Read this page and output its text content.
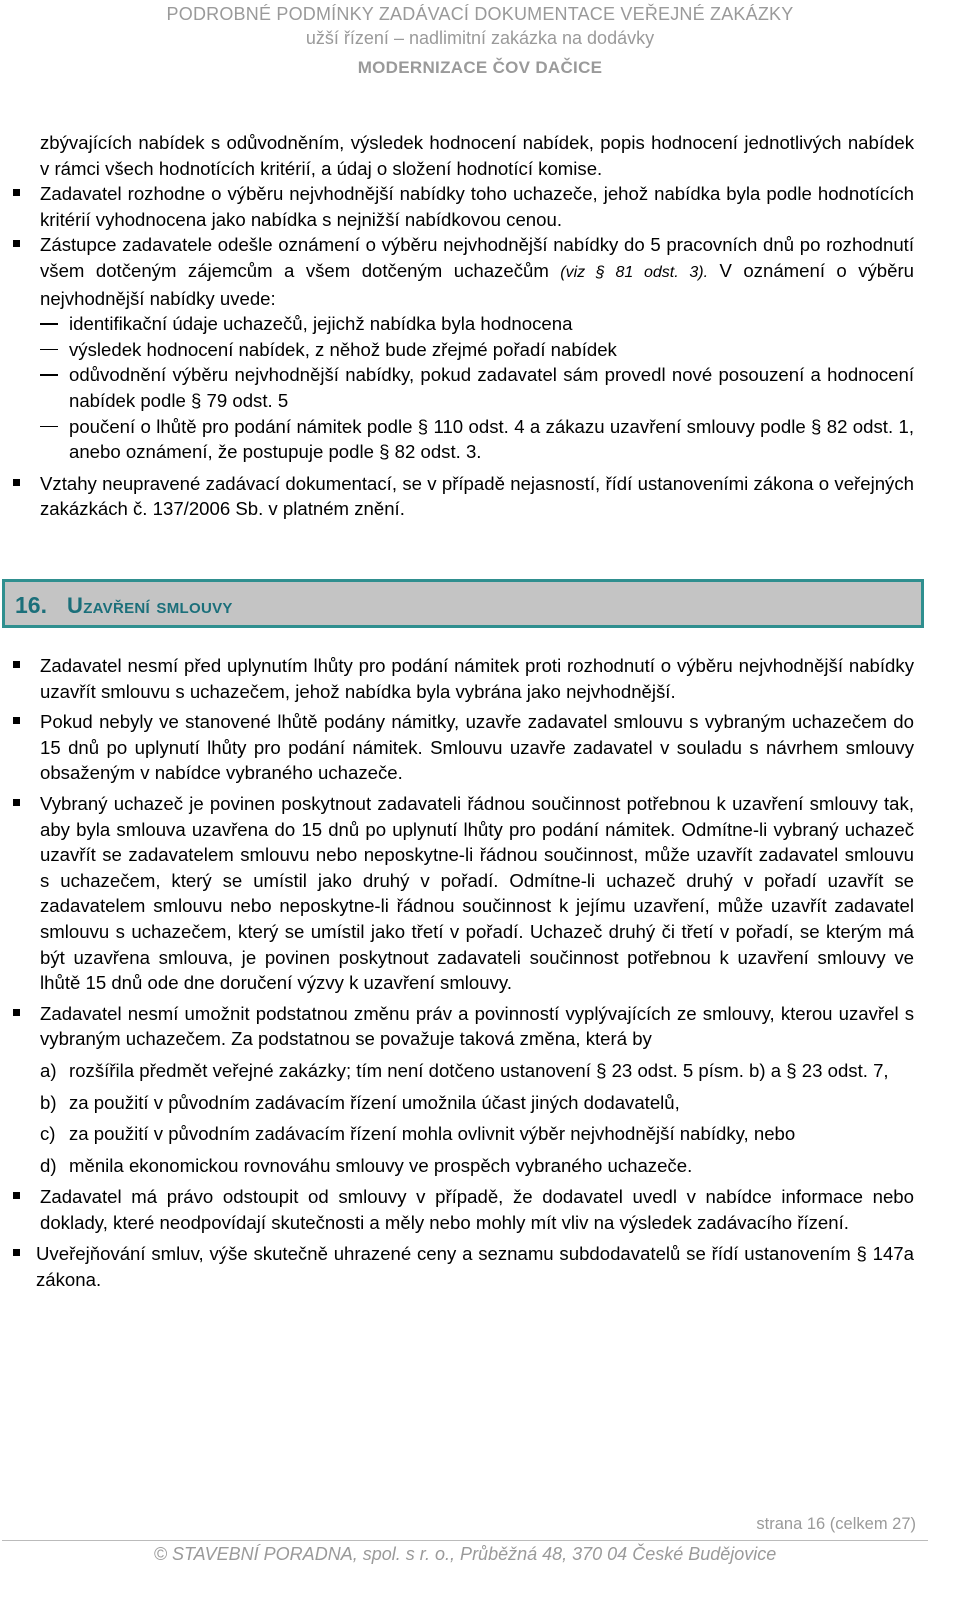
PODROBNÉ PODMÍNKY ZADÁVACÍ DOKUMENTACE VEŘEJNÉ ZAKÁZKY
užší řízení – nadlimitní zakázka na dodávky
MODERNIZACE ČOV DAČICE

zbývajících nabídek s odůvodněním, výsledek hodnocení nabídek, popis hodnocení jednotlivých nabídek v rámci všech hodnotících kritérií, a údaj o složení hodnotící komise.

Zadavatel rozhodne o výběru nejvhodnější nabídky toho uchazeče, jehož nabídka byla podle hodnotících kritérií vyhodnocena jako nabídka s nejnižší nabídkovou cenou.
Zástupce zadavatele odešle oznámení o výběru nejvhodnější nabídky do 5 pracovních dnů po rozhodnutí všem dotčeným zájemcům a všem dotčeným uchazečům (viz § 81 odst. 3). V oznámení o výběru nejvhodnější nabídky uvede:
identifikační údaje uchazečů, jejichž nabídka byla hodnocena
výsledek hodnocení nabídek, z něhož bude zřejmé pořadí nabídek
odůvodnění výběru nejvhodnější nabídky, pokud zadavatel sám provedl nové posouzení a hodnocení nabídek podle § 79 odst. 5
poučení o lhůtě pro podání námitek podle § 110 odst. 4 a zákazu uzavření smlouvy podle § 82 odst. 1, anebo oznámení, že postupuje podle § 82 odst. 3.
Vztahy neupravené zadávací dokumentací, se v případě nejasností, řídí ustanoveními zákona o veřejných zakázkách č. 137/2006 Sb. v platném znění.
16. Uzavření smlouvy
Zadavatel nesmí před uplynutím lhůty pro podání námitek proti rozhodnutí o výběru nejvhodnější nabídky uzavřít smlouvu s uchazečem, jehož nabídka byla vybrána jako nejvhodnější.
Pokud nebyly ve stanovené lhůtě podány námitky, uzavře zadavatel smlouvu s vybraným uchazečem do 15 dnů po uplynutí lhůty pro podání námitek. Smlouvu uzavře zadavatel v souladu s návrhem smlouvy obsaženým v nabídce vybraného uchazeče.
Vybraný uchazeč je povinen poskytnout zadavateli řádnou součinnost potřebnou k uzavření smlouvy tak, aby byla smlouva uzavřena do 15 dnů po uplynutí lhůty pro podání námitek. Odmítne-li vybraný uchazeč uzavřít se zadavatelem smlouvu nebo neposkytne-li řádnou součinnost, může uzavřít zadavatel smlouvu s uchazečem, který se umístil jako druhý v pořadí. Odmítne-li uchazeč druhý v pořadí uzavřít se zadavatelem smlouvu nebo neposkytne-li řádnou součinnost k jejímu uzavření, může uzavřít zadavatel smlouvu s uchazečem, který se umístil jako třetí v pořadí. Uchazeč druhý či třetí v pořadí, se kterým má být uzavřena smlouva, je povinen poskytnout zadavateli součinnost potřebnou k uzavření smlouvy ve lhůtě 15 dnů ode dne doručení výzvy k uzavření smlouvy.
Zadavatel nesmí umožnit podstatnou změnu práv a povinností vyplývajících ze smlouvy, kterou uzavřel s vybraným uchazečem. Za podstatnou se považuje taková změna, která by
a) rozšířila předmět veřejné zakázky; tím není dotčeno ustanovení § 23 odst. 5 písm. b) a § 23 odst. 7,
b) za použití v původním zadávacím řízení umožnila účast jiných dodavatelů,
c) za použití v původním zadávacím řízení mohla ovlivnit výběr nejvhodnější nabídky, nebo
d) měnila ekonomickou rovnováhu smlouvy ve prospěch vybraného uchazeče.
Zadavatel má právo odstoupit od smlouvy v případě, že dodavatel uvedl v nabídce informace nebo doklady, které neodpovídají skutečnosti a měly nebo mohly mít vliv na výsledek zadávacího řízení.
Uveřejňování smluv, výše skutečně uhrazené ceny a seznamu subdodavatelů se řídí ustanovením § 147a zákona.
strana 16 (celkem 27)
© STAVEBNÍ PORADNA, spol. s r. o., Průběžná 48, 370 04 České Budějovice
